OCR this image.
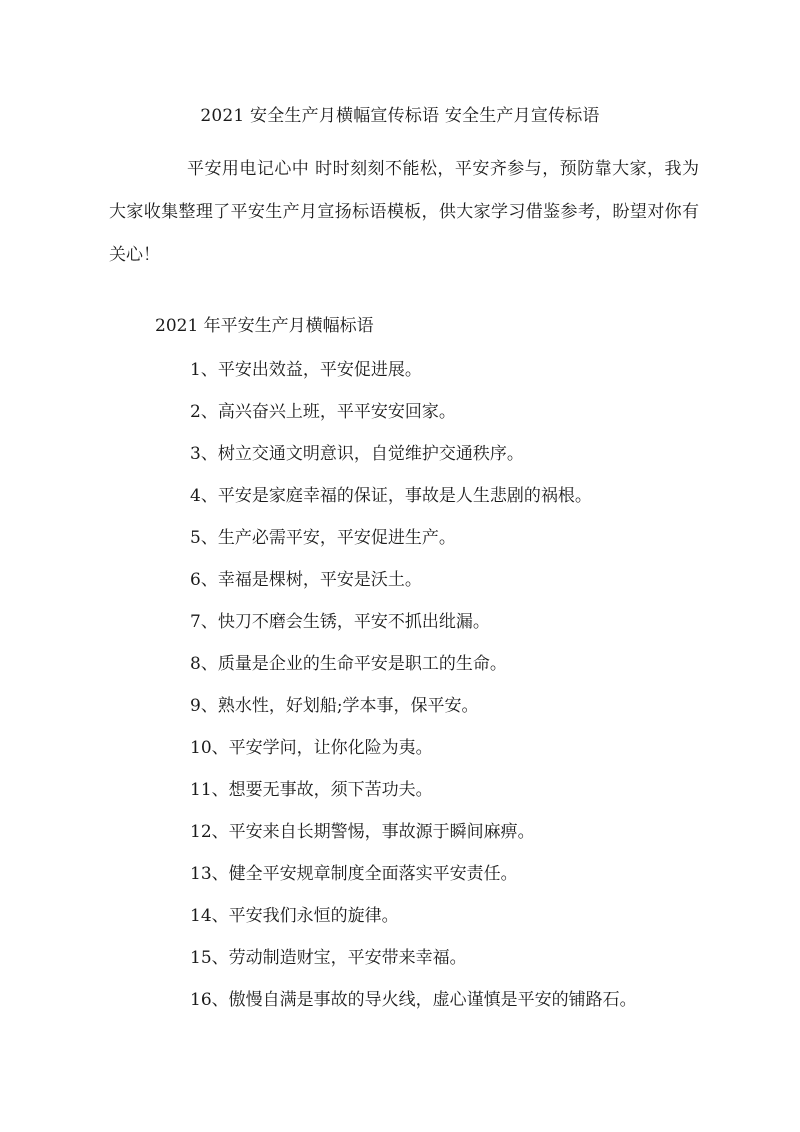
2021 安全生产月横幅宣传标语 安全生产月宣传标语
平安用电记心中 时时刻刻不能松，平安齐参与，预防靠大家，我为大家收集整理了平安生产月宣扬标语模板，供大家学习借鉴参考，盼望对你有关心！
2021 年平安生产月横幅标语
1、平安出效益，平安促进展。
2、高兴奋兴上班，平平安安回家。
3、树立交通文明意识，自觉维护交通秩序。
4、平安是家庭幸福的保证，事故是人生悲剧的祸根。
5、生产必需平安，平安促进生产。
6、幸福是棵树，平安是沃土。
7、快刀不磨会生锈，平安不抓出纰漏。
8、质量是企业的生命平安是职工的生命。
9、熟水性，好划船;学本事，保平安。
10、平安学问，让你化险为夷。
11、想要无事故，须下苦功夫。
12、平安来自长期警惕，事故源于瞬间麻痹。
13、健全平安规章制度全面落实平安责任。
14、平安我们永恒的旋律。
15、劳动制造财宝，平安带来幸福。
16、傲慢自满是事故的导火线，虚心谨慎是平安的铺路石。
